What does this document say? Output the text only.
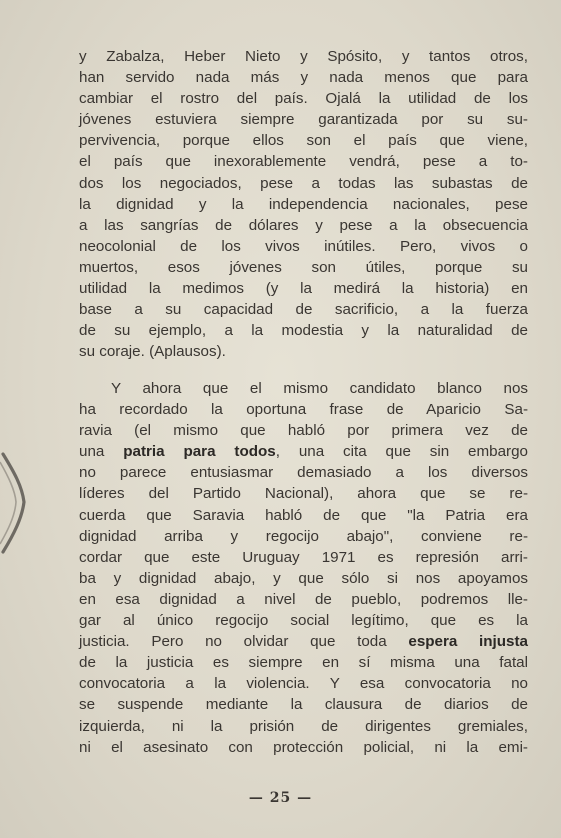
y Zabalza, Heber Nieto y Spósito, y tantos otros,
han servido nada más y nada menos que para
cambiar el rostro del país. Ojalá la utilidad de los
jóvenes estuviera siempre garantizada por su su-
pervivencia, porque ellos son el país que viene,
el país que inexorablemente vendrá, pese a to-
dos los negociados, pese a todas las subastas de
la dignidad y la independencia nacionales, pese
a las sangrías de dólares y pese a la obsecuencia
neocolonial de los vivos inútiles. Pero, vivos o
muertos, esos jóvenes son útiles, porque su
utilidad la medimos (y la medirá la historia) en
base a su capacidad de sacrificio, a la fuerza
de su ejemplo, a la modestia y la naturalidad de
su coraje. (Aplausos).
Y ahora que el mismo candidato blanco nos
ha recordado la oportuna frase de Aparicio Sa-
ravia (el mismo que habló por primera vez de
una patria para todos, una cita que sin embargo
no parece entusiasmar demasiado a los diversos
líderes del Partido Nacional), ahora que se re-
cuerda que Saravia habló de que "la Patria era
dignidad arriba y regocijo abajo", conviene re-
cordar que este Uruguay 1971 es represión arri-
ba y dignidad abajo, y que sólo si nos apoyamos
en esa dignidad a nivel de pueblo, podremos lle-
gar al único regocijo social legítimo, que es la
justicia. Pero no olvidar que toda espera injusta
de la justicia es siempre en sí misma una fatal
convocatoria a la violencia. Y esa convocatoria no
se suspende mediante la clausura de diarios de
izquierda, ni la prisión de dirigentes gremiales,
ni el asesinato con protección policial, ni la emi-
— 25 —
